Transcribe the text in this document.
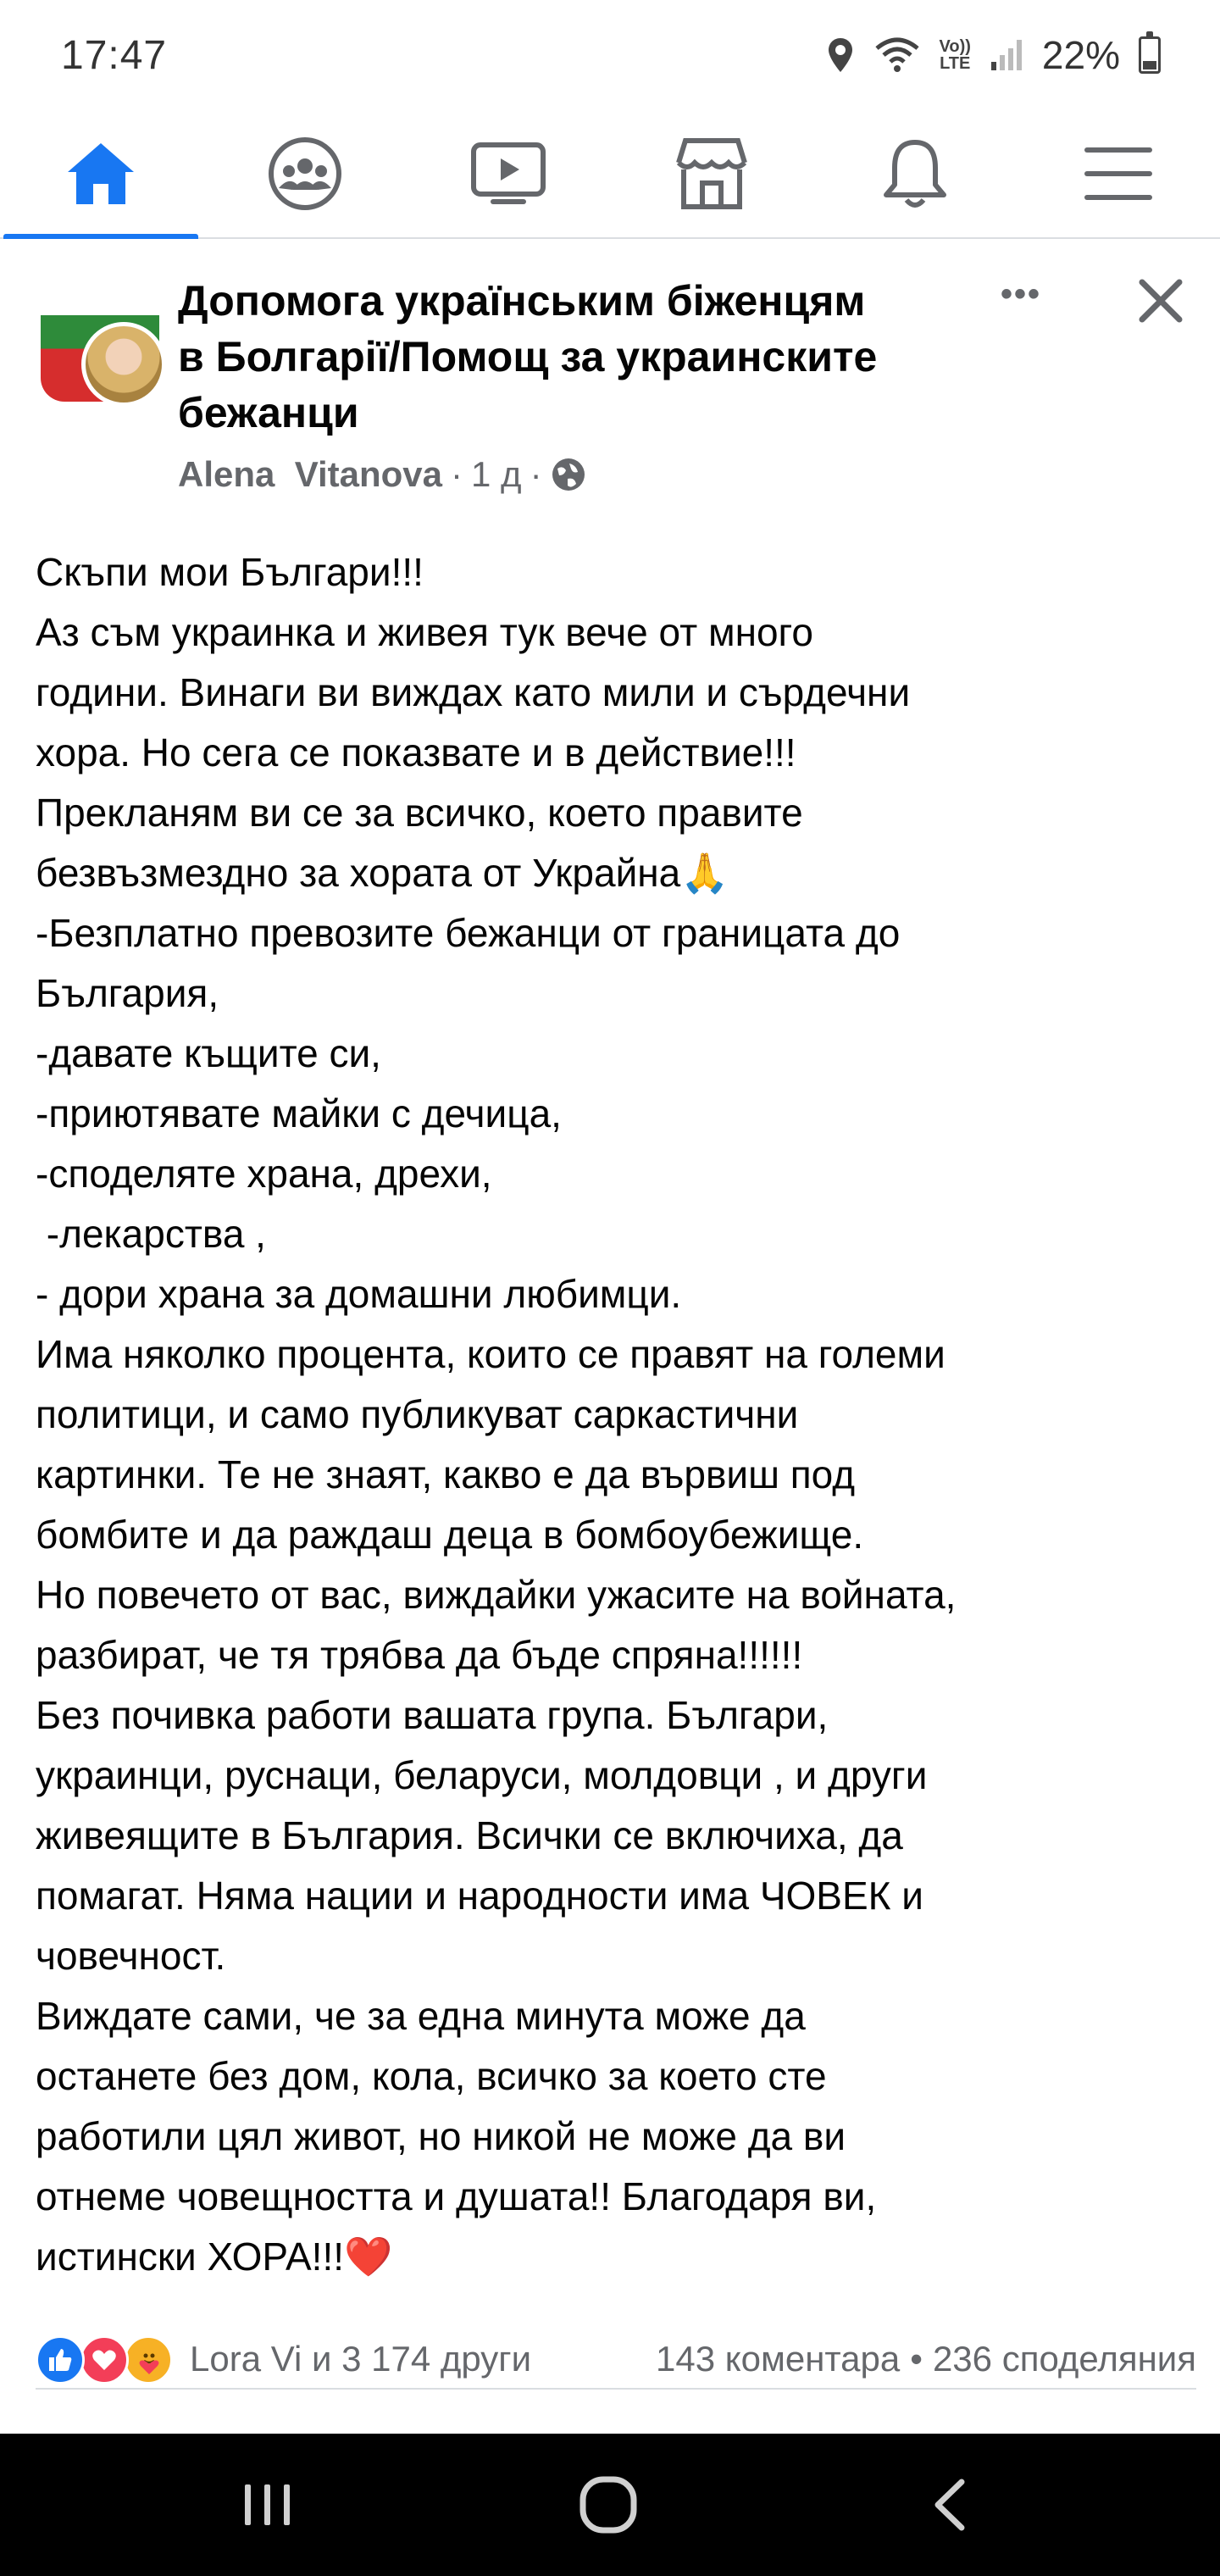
17:47	Vo))
LTE 22%
Допомога українським біженцям
в Болгарії/Помощ за украинските
бежанци
Alena  Vitanova · 1 д ·
•••

Скъпи мои Българи!!!

Аз съм украинка и живея тук вече от много

години. Винаги ви виждах като мили и сърдечни

хора. Но сега се показвате и в действие!!!

Прекланям ви се за всичко, което правите

безвъзмездно за хората от Украйна🙏

-Безплатно превозите бежанци от границата до

България,

-давате къщите си,

-приютявате майки с дечица,

-споделяте храна, дрехи,

-лекарства ,

- дори храна за домашни любимци.

Има няколко процента, които се правят на големи

политици, и само публикуват саркастични

картинки. Те не знаят, какво е да вървиш под

бомбите и да раждаш деца в бомбоубежище.

Но повечето от вас, виждайки ужасите на войната,

разбират, че тя трябва да бъде спряна!!!!!!

Без почивка работи вашата група. Българи,

украинци, руснаци, беларуси, молдовци , и други

живеящите в България. Всички се включиха, да

помагат. Няма нации и народности има ЧОВЕК и

човечност.

Виждате сами, че за една минута може да

останете без дом, кола, всичко за което сте

работили цял живот, но никой не може да ви

отнеме човещността и душата!! Благодаря ви,

истински ХОРА!!!❤️

Lora Vi и 3 174 други	143 коментара • 236 споделяния
